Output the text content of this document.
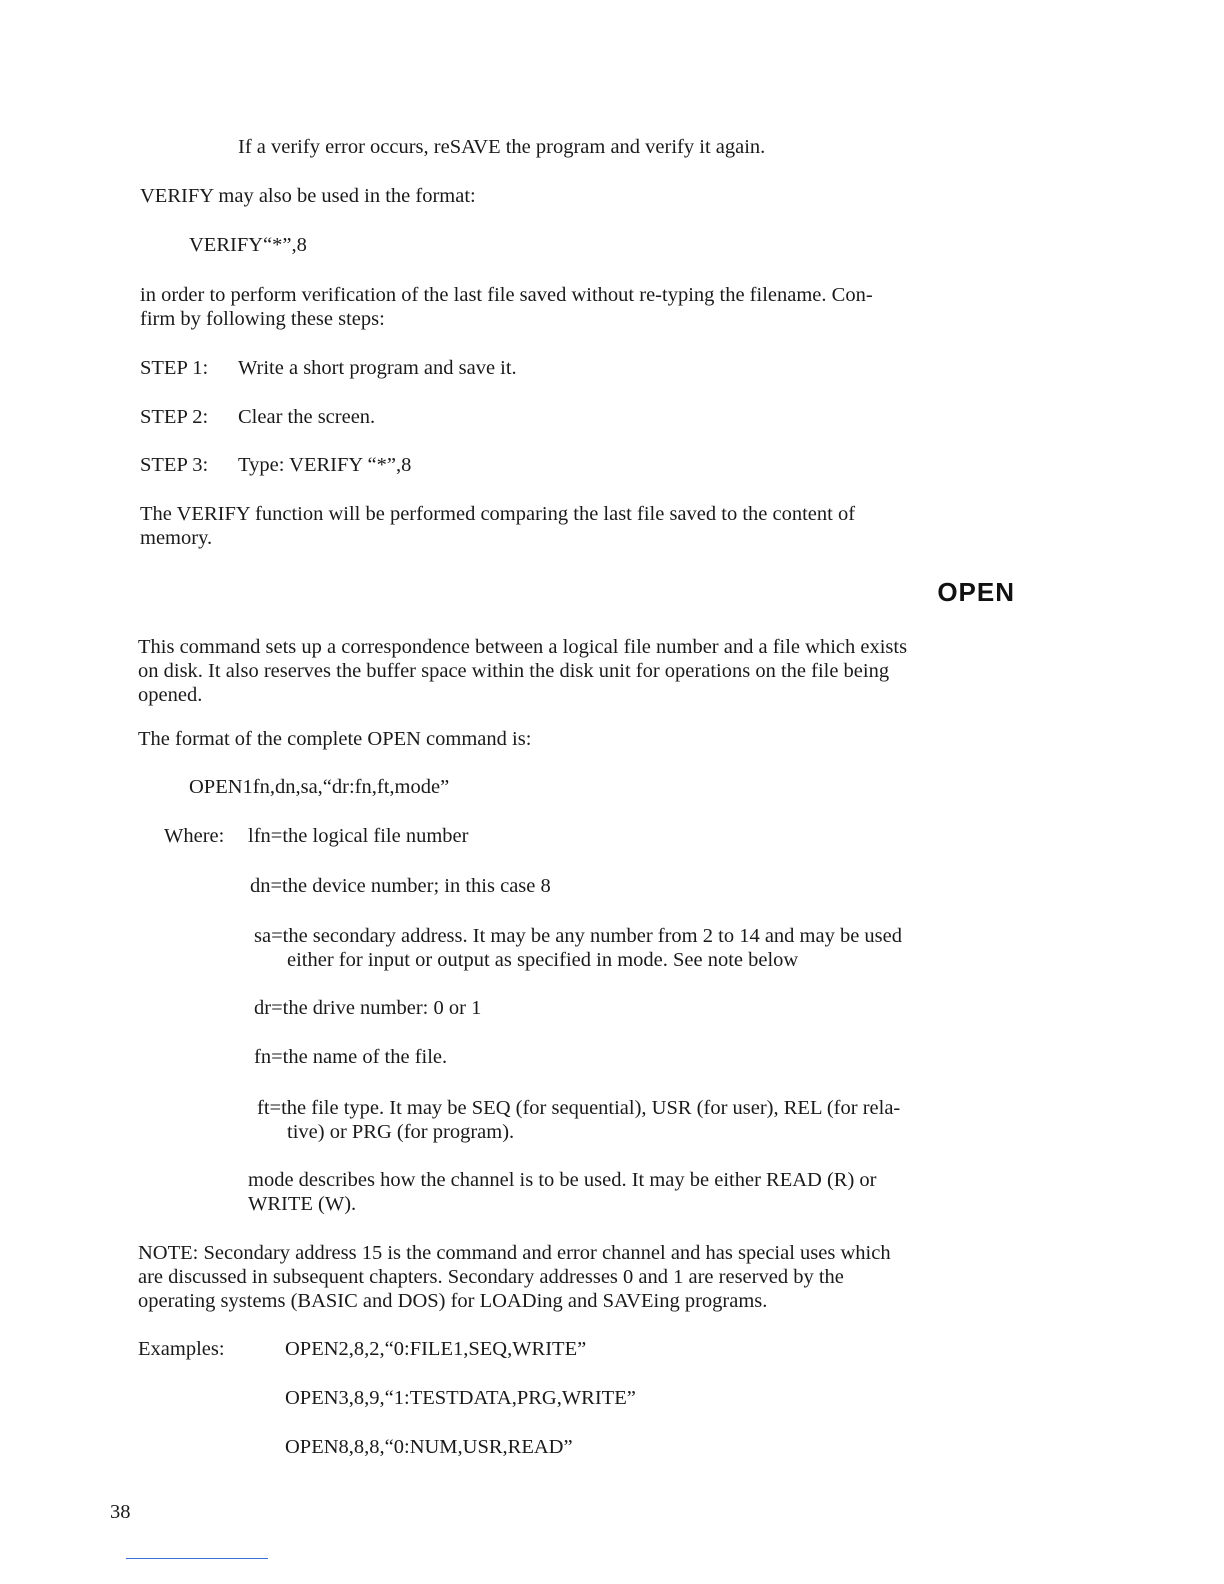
If a verify error occurs, reSAVE the program and verify it again.

VERIFY may also be used in the format:

VERIFY“*”,8

in order to perform verification of the last file saved without re-typing the filename. Con-

firm by following these steps:

STEP 1: Write a short program and save it.

STEP 2: Clear the screen.

STEP 3: Type: VERIFY “*”,8

The VERIFY function will be performed comparing the last file saved to the content of

memory.

OPEN

This command sets up a correspondence between a logical file number and a file which exists

on disk. It also reserves the buffer space within the disk unit for operations on the file being

opened.

The format of the complete OPEN command is:

OPEN1fn,dn,sa,“dr:fn,ft,mode”

Where: lfn=the logical file number

dn=the device number; in this case 8

sa=the secondary address. It may be any number from 2 to 14 and may be used

either for input or output as specified in mode. See note below

dr=the drive number: 0 or 1

fn=the name of the file.

ft=the file type. It may be SEQ (for sequential), USR (for user), REL (for rela-

tive) or PRG (for program).

mode describes how the channel is to be used. It may be either READ (R) or

WRITE (W).

NOTE: Secondary address 15 is the command and error channel and has special uses which

are discussed in subsequent chapters. Secondary addresses 0 and 1 are reserved by the

operating systems (BASIC and DOS) for LOADing and SAVEing programs.

Examples:	OPEN2,8,2,“0:FILE1,SEQ,WRITE”

OPEN3,8,9,“1:TESTDATA,PRG,WRITE”

OPEN8,8,8,“0:NUM,USR,READ”

38
